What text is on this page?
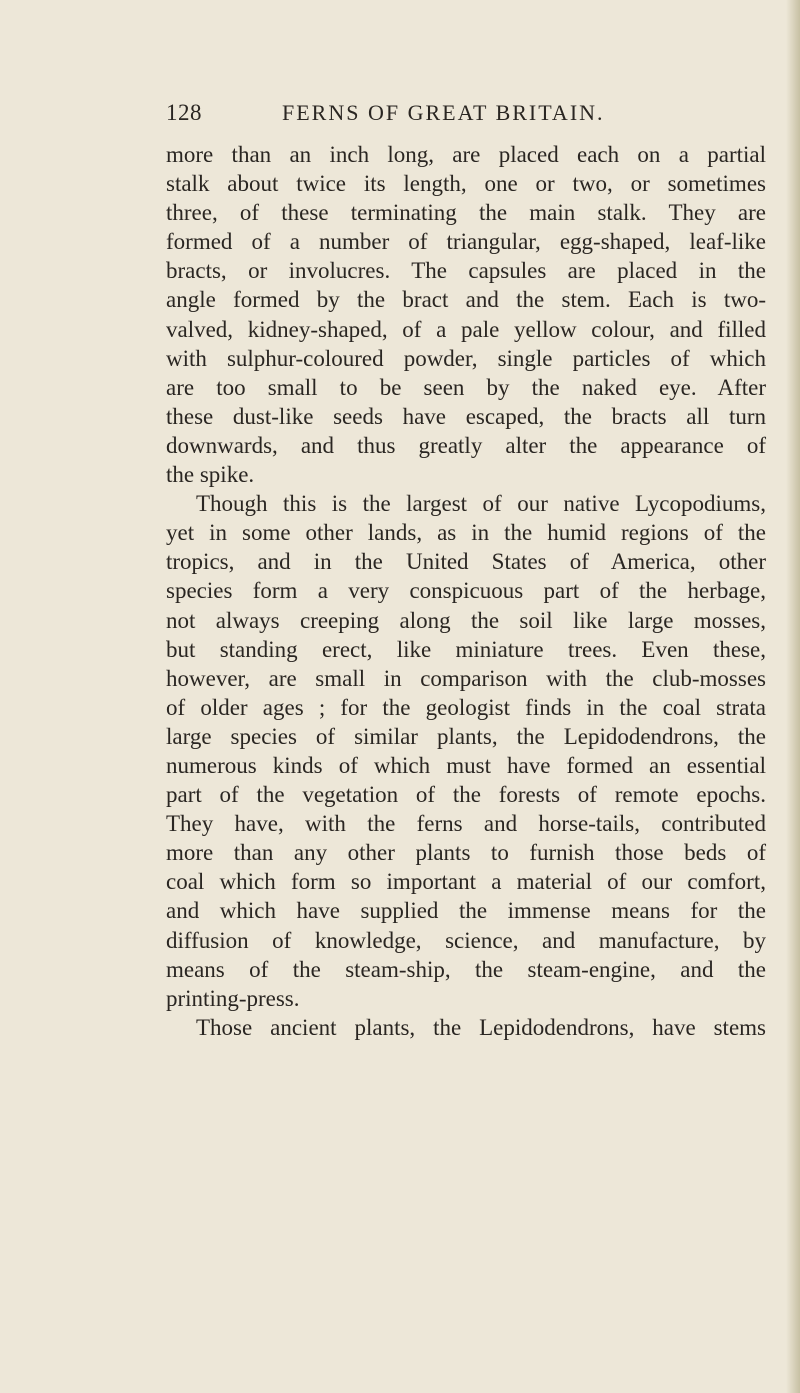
128	FERNS OF GREAT BRITAIN.
more than an inch long, are placed each on a partial
stalk about twice its length, one or two, or sometimes
three, of these terminating the main stalk. They are
formed of a number of triangular, egg-shaped, leaf-like
bracts, or involucres. The capsules are placed in the
angle formed by the bract and the stem. Each is two-
valved, kidney-shaped, of a pale yellow colour, and filled
with sulphur-coloured powder, single particles of which
are too small to be seen by the naked eye. After
these dust-like seeds have escaped, the bracts all turn
downwards, and thus greatly alter the appearance of
the spike.
Though this is the largest of our native Lycopodiums,
yet in some other lands, as in the humid regions of the
tropics, and in the United States of America, other
species form a very conspicuous part of the herbage,
not always creeping along the soil like large mosses,
but standing erect, like miniature trees. Even these,
however, are small in comparison with the club-mosses
of older ages ; for the geologist finds in the coal strata
large species of similar plants, the Lepidodendrons, the
numerous kinds of which must have formed an essential
part of the vegetation of the forests of remote epochs.
They have, with the ferns and horse-tails, contributed
more than any other plants to furnish those beds of
coal which form so important a material of our comfort,
and which have supplied the immense means for the
diffusion of knowledge, science, and manufacture, by
means of the steam-ship, the steam-engine, and the
printing-press.
Those ancient plants, the Lepidodendrons, have stems
